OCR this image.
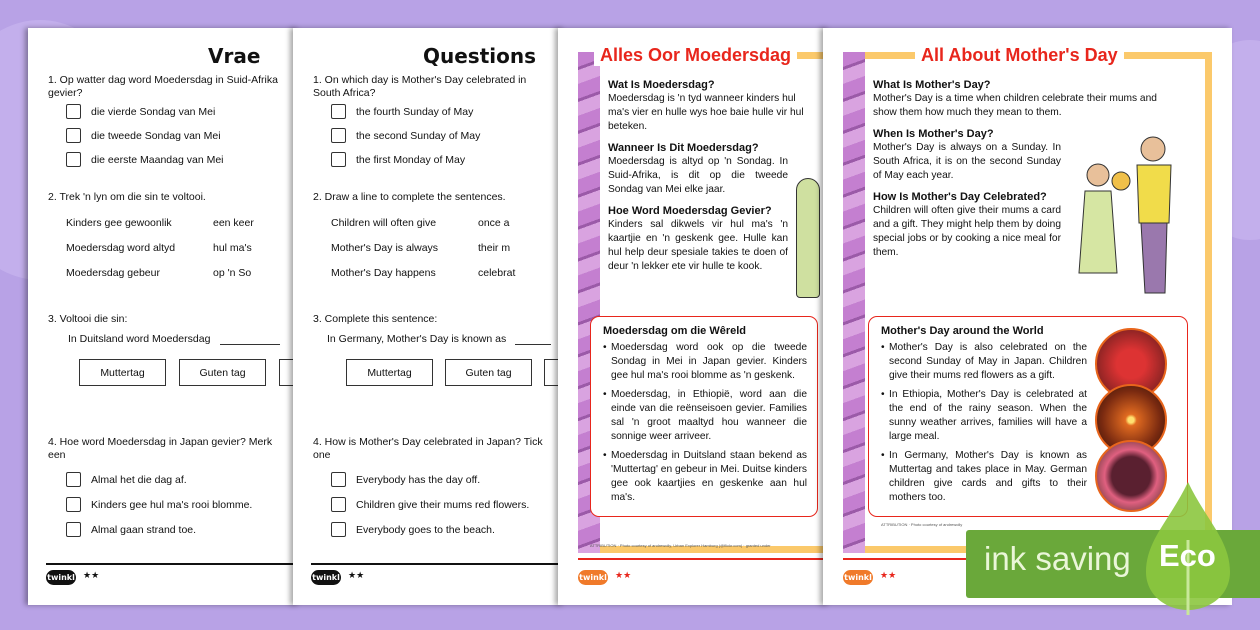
Vrae
1. Op watter dag word Moedersdag in Suid-Afrika gevier?
die vierde Sondag van Mei
die tweede Sondag van Mei
die eerste Maandag van Mei
2. Trek 'n lyn om die sin te voltooi.
Kinders gee gewoonlik	een keer
Moedersdag word altyd	hul ma's
Moedersdag gebeur	op 'n So
3. Voltooi die sin:
In Duitsland word Moedersdag
Muttertag	Guten tag
4. Hoe word Moedersdag in Japan gevier? Merk een
Almal het die dag af.
Kinders gee hul ma's rooi blomme.
Almal gaan strand toe.
twinkl ★★
Questions
1. On which day is Mother's Day celebrated in South Africa?
the fourth Sunday of May
the second Sunday of May
the first Monday of May
2. Draw a line to complete the sentences.
Children will often give	once a
Mother's Day is always	their m
Mother's Day happens	celebrat
3. Complete this sentence:
In Germany, Mother's Day is known as
Muttertag	Guten tag
4. How is Mother's Day celebrated in Japan? Tick one
Everybody has the day off.
Children give their mums red flowers.
Everybody goes to the beach.
twinkl ★★
Alles Oor Moedersdag
Wat Is Moedersdag?
Moedersdag is 'n tyd wanneer kinders hul ma's vier en hulle wys hoe baie hulle vir hul beteken.
Wanneer Is Dit Moedersdag?
Moedersdag is altyd op 'n Sondag. In Suid-Afrika, is dit op die tweede Sondag van Mei elke jaar.
Hoe Word Moedersdag Gevier?
Kinders sal dikwels vir hul ma's 'n kaartjie en 'n geskenk gee. Hulle kan hul help deur spesiale takies te doen of deur 'n lekker ete vir hulle te kook.
Moedersdag om die Wêreld
• Moedersdag word ook op die tweede Sondag in Mei in Japan gevier. Kinders gee hul ma's rooi blomme as 'n geskenk.
• Moedersdag, in Ethiopië, word aan die einde van die reënseisoen gevier. Families sal 'n groot maaltyd hou wanneer die sonnige weer arriveer.
• Moedersdag in Duitsland staan bekend as 'Muttertag' en gebeur in Mei. Duitse kinders gee ook kaartjies en geskenke aan hul ma's.
ATTRIBUTION · Photo courtesy of andrewolly, Urban Explorer Hamburg (@flickr.com) · granted under
twinkl ★★
All About Mother's Day
What Is Mother's Day?
Mother's Day is a time when children celebrate their mums and show them how much they mean to them.
When Is Mother's Day?
Mother's Day is always on a Sunday. In South Africa, it is on the second Sunday of May each year.
How Is Mother's Day Celebrated?
Children will often give their mums a card and a gift. They might help them by doing special jobs or by cooking a nice meal for them.
Mother's Day around the World
• Mother's Day is also celebrated on the second Sunday of May in Japan. Children give their mums red flowers as a gift.
• In Ethiopia, Mother's Day is celebrated at the end of the rainy season. When the sunny weather arrives, families will have a large meal.
• In Germany, Mother's Day is known as Muttertag and takes place in May. German children give cards and gifts to their mothers too.
ATTRIBUTION · Photo courtesy of andrewolly
twinkl ★★	ink saving Eco
